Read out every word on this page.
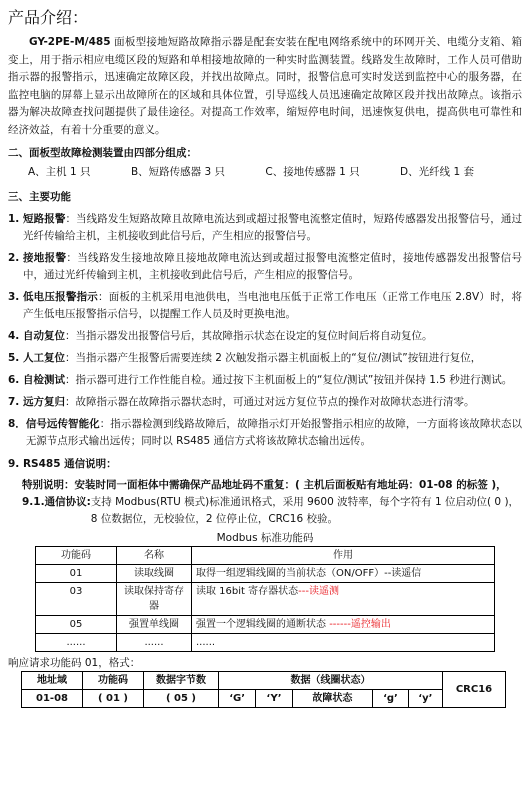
产品介绍：

GY-2PE-M/485 面板型接地短路故障指示器是配套安装在配电网络系统中的环网开关、电缆分支箱、箱变上，用于指示相应电缆区段的短路和单相接地故障的一种实时监测装置。线路发生故障时，工作人员可借助指示器的报警指示，迅速确定故障区段，并找出故障点。同时，报警信息可实时发送到监控中心的服务器，在监控电脑的屏幕上显示出故障所在的区域和具体位置，引导巡线人员迅速确定故障区段并找出故障点。该指示器为解决故障查找问题提供了最佳途径。对提高工作效率，缩短停电时间，迅速恢复供电，提高供电可靠性和经济效益，有着十分重要的意义。

二、面板型故障检测装置由四部分组成：
A、主机 1 只	B、短路传感器 3 只	C、接地传感器 1 只	D、光纤线 1 套
三、主要功能
1. 短路报警：当线路发生短路故障且故障电流达到或超过报警电流整定值时，短路传感器发出报警信号，通过光纤传输给主机，主机接收到此信号后，产生相应的报警信号。
2. 接地报警：当线路发生接地故障且接地故障电流达到或超过报警电流整定值时，接地传感器发出报警信号中，通过光纤传输到主机，主机接收到此信号后，产生相应的报警信号。
3. 低电压报警指示：面板的主机采用电池供电，当电池电压低于正常工作电压（正常工作电压 2.8V）时，将产生低电压报警指示信号，以提醒工作人员及时更换电池。
4. 自动复位：当指示器发出报警信号后，其故障指示状态在设定的复位时间后将自动复位。
5. 人工复位：当指示器产生报警后需要连续 2 次触发指示器主机面板上的“复位/测试”按钮进行复位，
6. 自检测试：指示器可进行工作性能自检。通过按下主机面板上的“复位/测试”按钮并保持 1.5 秒进行测试。
7. 远方复归：故障指示器在故障指示器状态时，可通过对远方复位节点的操作对故障状态进行清零。
8． 信号远传智能化：指示器检测到线路故障后，故障指示灯开始报警指示相应的故障，一方面将该故障状态以无源节点形式输出远传；同时以 RS485 通信方式将该故障状态输出远传。
9. RS485 通信说明：
特别说明：安装时同一面柜体中需确保产品地址码不重复：( 主机后面板贴有地址码：01-08 的标签 )，
9.1.通信协议: 支持 Modbus(RTU 模式)标准通讯格式，采用 9600 波特率，每个字符有 1 位启动位( 0 )，8 位数据位，无校验位，2 位停止位，CRC16 校验。
Modbus 标准功能码
功能码	名称	作用
01	读取线圈	取得一组逻辑线圈的当前状态（ON/OFF）--读遥信
03	读取保持寄存器	读取 16bit 寄存器状态---读遥测
05	强置单线圈	强置一个逻辑线圈的通断状态 ------遥控输出
......	......	......
响应请求功能码 01，格式：
地址域	功能码	数据字节数	数据（线圈状态）					CRC16
01-08	( 01 )	( 05 )	‘G’	‘Y’	故障状态	‘g’	‘y’	
